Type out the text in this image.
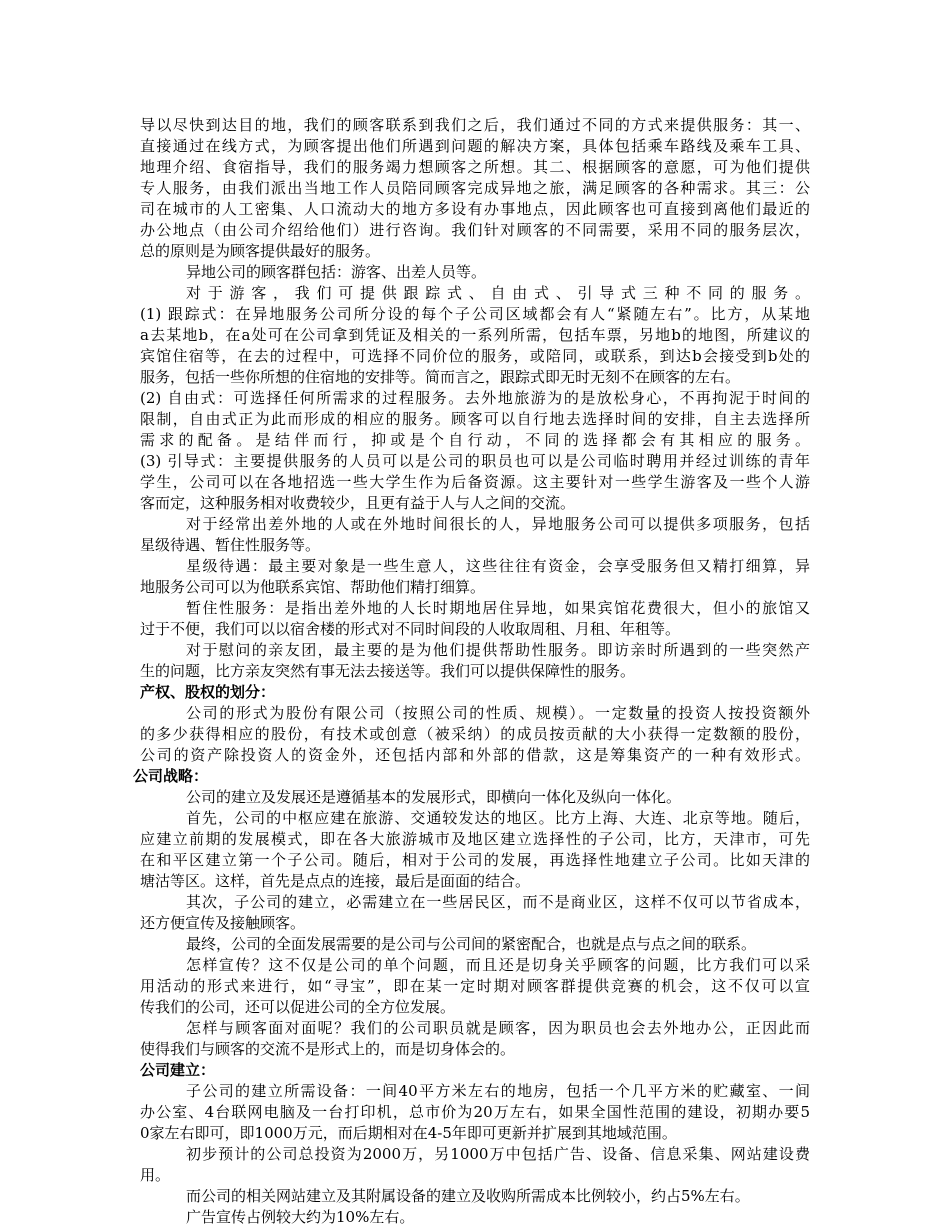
导以尽快到达目的地，我们的顾客联系到我们之后，我们通过不同的方式来提供服务：其一、
直接通过在线方式，为顾客提出他们所遇到问题的解决方案，具体包括乘车路线及乘车工具、
地理介绍、食宿指导，我们的服务竭力想顾客之所想。其二、根据顾客的意愿，可为他们提供
专人服务，由我们派出当地工作人员陪同顾客完成异地之旅，满足顾客的各种需求。其三：公
司在城市的人工密集、人口流动大的地方多设有办事地点，因此顾客也可直接到离他们最近的
办公地点（由公司介绍给他们）进行咨询。我们针对顾客的不同需要，采用不同的服务层次，
总的原则是为顾客提供最好的服务。
异地公司的顾客群包括：游客、出差人员等。
对于游客，我们可提供跟踪式、自由式、引导式三种不同的服务。
(1) 跟踪式：在异地服务公司所分设的每个子公司区域都会有人“紧随左右”。比方，从某地
a去某地b，在a处可在公司拿到凭证及相关的一系列所需，包括车票，另地b的地图，所建议的
宾馆住宿等，在去的过程中，可选择不同价位的服务，或陪同，或联系，到达b会接受到b处的
服务，包括一些你所想的住宿地的安排等。简而言之，跟踪式即无时无刻不在顾客的左右。
(2) 自由式：可选择任何所需求的过程服务。去外地旅游为的是放松身心，不再拘泥于时间的
限制，自由式正为此而形成的相应的服务。顾客可以自行地去选择时间的安排，自主去选择所
需求的配备。是结伴而行，抑或是个自行动，不同的选择都会有其相应的服务。
(3) 引导式：主要提供服务的人员可以是公司的职员也可以是公司临时聘用并经过训练的青年
学生，公司可以在各地招选一些大学生作为后备资源。这主要针对一些学生游客及一些个人游
客而定，这种服务相对收费较少，且更有益于人与人之间的交流。
对于经常出差外地的人或在外地时间很长的人，异地服务公司可以提供多项服务，包括
星级待遇、暂住性服务等。
星级待遇：最主要对象是一些生意人，这些往往有资金，会享受服务但又精打细算，异
地服务公司可以为他联系宾馆、帮助他们精打细算。
暂住性服务：是指出差外地的人长时期地居住异地，如果宾馆花费很大，但小的旅馆又
过于不便，我们可以以宿舍楼的形式对不同时间段的人收取周租、月租、年租等。
对于慰问的亲友团，最主要的是为他们提供帮助性服务。即访亲时所遇到的一些突然产
生的问题，比方亲友突然有事无法去接送等。我们可以提供保障性的服务。
产权、股权的划分：
公司的形式为股份有限公司（按照公司的性质、规模）。一定数量的投资人按投资额外
的多少获得相应的股份，有技术或创意（被采纳）的成员按贡献的大小获得一定数额的股份，
公司的资产除投资人的资金外，还包括内部和外部的借款，这是筹集资产的一种有效形式。
公司战略：
公司的建立及发展还是遵循基本的发展形式，即横向一体化及纵向一体化。
首先，公司的中枢应建在旅游、交通较发达的地区。比方上海、大连、北京等地。随后，
应建立前期的发展模式，即在各大旅游城市及地区建立选择性的子公司，比方，天津市，可先
在和平区建立第一个子公司。随后，相对于公司的发展，再选择性地建立子公司。比如天津的
塘沽等区。这样，首先是点点的连接，最后是面面的结合。
其次，子公司的建立，必需建立在一些居民区，而不是商业区，这样不仅可以节省成本，
还方便宣传及接触顾客。
最终，公司的全面发展需要的是公司与公司间的紧密配合，也就是点与点之间的联系。
怎样宣传？这不仅是公司的单个问题，而且还是切身关乎顾客的问题，比方我们可以采
用活动的形式来进行，如“寻宝”，即在某一定时期对顾客群提供竞赛的机会，这不仅可以宣
传我们的公司，还可以促进公司的全方位发展。
怎样与顾客面对面呢？我们的公司职员就是顾客，因为职员也会去外地办公，正因此而
使得我们与顾客的交流不是形式上的，而是切身体会的。
公司建立：
子公司的建立所需设备：一间40平方米左右的地房，包括一个几平方米的贮藏室、一间
办公室、4台联网电脑及一台打印机，总市价为20万左右，如果全国性范围的建设，初期办要5
0家左右即可，即1000万元，而后期相对在4-5年即可更新并扩展到其地域范围。
初步预计的公司总投资为2000万，另1000万中包括广告、设备、信息采集、网站建设费
用。
而公司的相关网站建立及其附属设备的建立及收购所需成本比例较小，约占5%左右。
广告宣传占例较大约为10%左右。
